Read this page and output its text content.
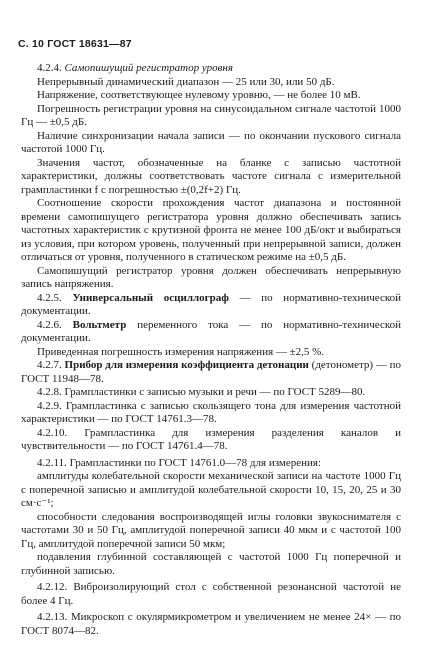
С. 10 ГОСТ 18631—87

4.2.4. Самопишущий регистратор уровня

Непрерывный динамический диапазон — 25 или 30, или 50 дБ.

Напряжение, соответствующее нулевому уровню, — не более 10 мВ.

Погрешность регистрации уровня на синусоидальном сигнале частотой 1000 Гц — ±0,5 дБ.

Наличие синхронизации начала записи — по окончании пускового сигнала частотой 1000 Гц.

Значения частот, обозначенные на бланке с записью частотной характеристики, должны соответствовать частоте сигнала с измерительной грампластинки f с погрешностью ±(0,2f+2) Гц.

Соотношение скорости прохождения частот диапазона и постоянной времени самопишущего регистратора уровня должно обеспечивать запись частотных характеристик с крутизной фронта не менее 100 дБ/окт и выбираться из условия, при котором уровень, полученный при непрерывной записи, должен отличаться от уровня, полученного в статическом режиме на ±0,5 дБ.

Самопишущий регистратор уровня должен обеспечивать непрерывную запись напряжения.

4.2.5. Универсальный осциллограф — по нормативно-технической документации.

4.2.6. Вольтметр переменного тока — по нормативно-технической документации.

Приведенная погрешность измерения напряжения — ±2,5 %.

4.2.7. Прибор для измерения коэффициента детонации (детонометр) — по ГОСТ 11948—78.

4.2.8. Грампластинки с записью музыки и речи — по ГОСТ 5289—80.

4.2.9. Грампластинка с записью скользящего тона для измерения частотной характеристики — по ГОСТ 14761.3—78.

4.2.10. Грампластинка для измерения разделения каналов и чувствительности — по ГОСТ 14761.4—78.

4.2.11. Грампластинки по ГОСТ 14761.0—78 для измерения:

амплитуды колебательной скорости механической записи на частоте 1000 Гц с поперечной записью и амплитудой колебательной скорости 10, 15, 20, 25 и 30 см·с⁻¹;

способности следования воспроизводящей иглы головки звукоснимателя с частотами 30 и 50 Гц, амплитудой поперечной записи 40 мкм и с частотой 100 Гц, амплитудой поперечной записи 50 мкм;

подавления глубинной составляющей с частотой 1000 Гц поперечной и глубинной записью.

4.2.12. Виброизолирующий стол с собственной резонансной частотой не более 4 Гц.

4.2.13. Микроскоп с окулярмикрометром и увеличением не менее 24× — по ГОСТ 8074—82.
